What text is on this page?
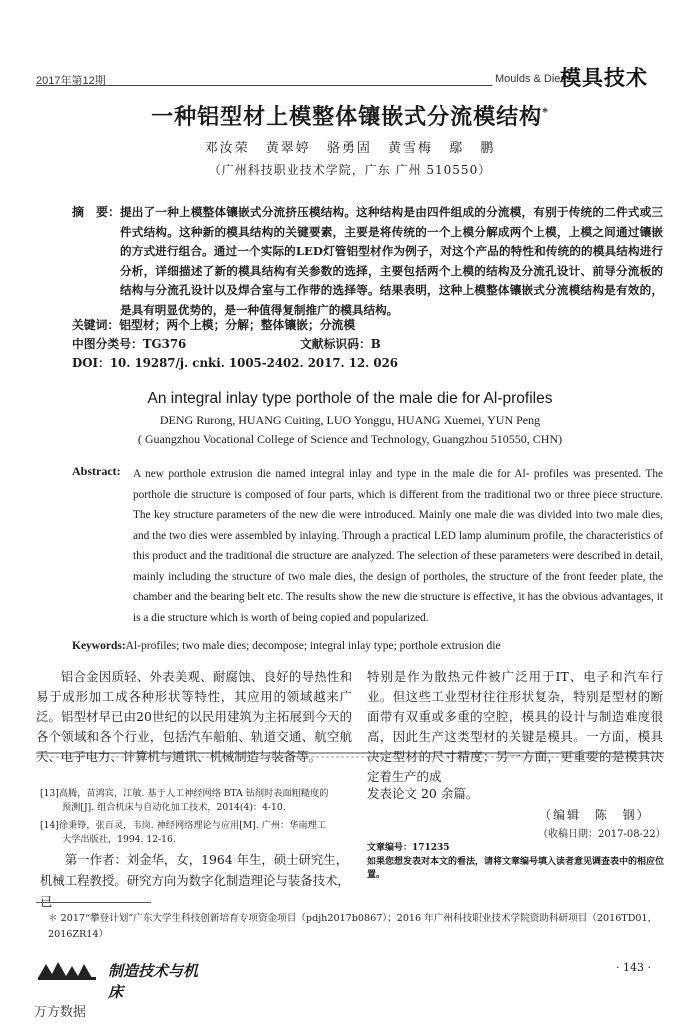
2017年第12期	Moulds & Dies
模具技术
一种铝型材上模整体镶嵌式分流模结构*
邓汝荣 黄翠婷 骆勇固 黄雪梅 鄢 鹏
（广州科技职业技术学院，广东 广州 510550）
摘　要： 提出了一种上模整体镶嵌式分流挤压模结构。这种结构是由四件组成的分流模，有别于传统的二件式或三件式结构。这种新的模具结构的关键要素，主要是将传统的一个上模分解成两个上模，上模之间通过镶嵌的方式进行组合。通过一个实际的LED灯管铝型材作为例子，对这个产品的特性和传统的的模具结构进行分析，详细描述了新的模具结构有关参数的选择，主要包括两个上模的结构及分流孔设计、前导分流板的结构与分流孔设计以及焊合室与工作带的选择等。结果表明，这种上模整体镶嵌式分流模结构是有效的，是具有明显优势的，是一种值得复制推广的模具结构。
关键词：铝型材；两个上模；分解；整体镶嵌；分流模
中图分类号：TG376	文献标识码：B
DOI：10. 19287/j. cnki. 1005-2402. 2017. 12. 026
An integral inlay type porthole of the male die for Al-profiles
DENG Rurong, HUANG Cuiting, LUO Yonggu, HUANG Xuemei, YUN Peng
( Guangzhou Vocational College of Science and Technology, Guangzhou 510550, CHN)
Abstract: A new porthole extrusion die named integral inlay and type in the male die for Al- profiles was presented. The porthole die structure is composed of four parts, which is different from the traditional two or three piece structure. The key structure parameters of the new die were introduced. Mainly one male die was divided into two male dies, and the two dies were assembled by inlaying. Through a practical LED lamp aluminum profile, the characteristics of this product and the traditional die structure are analyzed. The selection of these parameters were described in detail, mainly including the structure of two male dies, the design of portholes, the structure of the front feeder plate, the chamber and the bearing belt etc. The results show the new die structure is effective, it has the obvious advantages, it is a die structure which is worth of being copied and popularized.
Keywords:Al-profiles; two male dies; decompose; integral inlay type; porthole extrusion die
铝合金因质轻、外表美观、耐腐蚀、良好的导热性和易于成形加工成各种形状等特性，其应用的领域越来广泛。铝型材早已由20世纪的以民用建筑为主拓展到今天的各个领域和各个行业，包括汽车船舶、轨道交通、航空航天、电子电力、计算机与通讯、机械制造与装备等。
特别是作为散热元件被广泛用于IT、电子和汽车行业。但这些工业型材往往形状复杂，特别是型材的断面带有双重或多重的空腔，模具的设计与制造难度很高，因此生产这类型材的关键是模具。一方面，模具决定型材的尺寸精度；另一方面，更重要的是模具决定着生产的成
[13]高腾，苗鸿宾，江敏. 基于人工神经网络 BTA 钻削时表面粗糙度的
预测[J]. 组合机床与自动化加工技术，2014(4)：4-10.
[14]徐秉铮，张百灵，韦岗. 神经网络理论与应用[M]. 广州：华南理工
大学出版社，1994. 12-16.
第一作者：刘金华，女，1964 年生，硕士研究生，机械工程教授。研究方向为数字化制造理论与装备技术，已
发表论文 20 余篇。
（编辑 陈 钢）
（收稿日期：2017-08-22）
文章编号：171235
如果您想发表对本文的看法，请将文章编号填入读者意见调查表中的相应位置。
＊ 2017“攀登计划”广东大学生科技创新培育专项资金项目（pdjh2017b0867）；2016 年广州科技职业技术学院资助科研项目（2016TD01，2016ZR14）
制造技术与机床
· 143 ·
万方数据
